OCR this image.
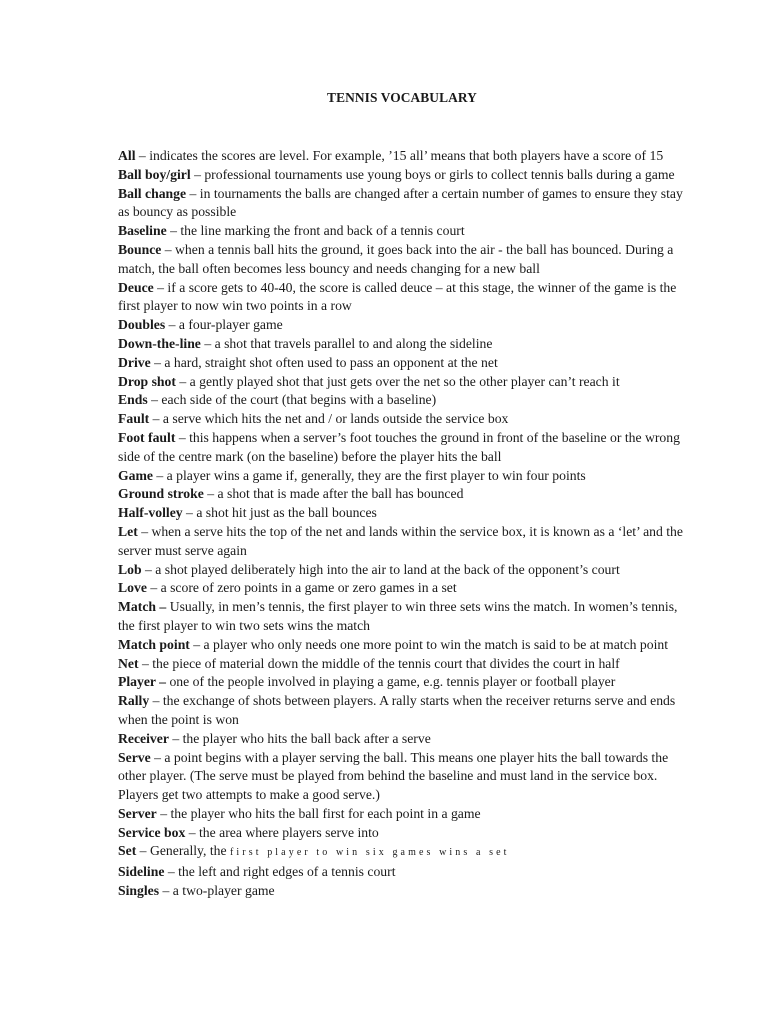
TENNIS VOCABULARY
All – indicates the scores are level. For example, ’15 all’ means that both players have a score of 15
Ball boy/girl – professional tournaments use young boys or girls to collect tennis balls during a game
Ball change – in tournaments the balls are changed after a certain number of games to ensure they stay as bouncy as possible
Baseline – the line marking the front and back of a tennis court
Bounce – when a tennis ball hits the ground, it goes back into the air - the ball has bounced. During a match, the ball often becomes less bouncy and needs changing for a new ball
Deuce – if a score gets to 40-40, the score is called deuce – at this stage, the winner of the game is the first player to now win two points in a row
Doubles – a four-player game
Down-the-line – a shot that travels parallel to and along the sideline
Drive – a hard, straight shot often used to pass an opponent at the net
Drop shot – a gently played shot that just gets over the net so the other player can’t reach it
Ends – each side of the court (that begins with a baseline)
Fault – a serve which hits the net and / or lands outside the service box
Foot fault – this happens when a server’s foot touches the ground in front of the baseline or the wrong side of the centre mark (on the baseline) before the player hits the ball
Game – a player wins a game if, generally, they are the first player to win four points
Ground stroke – a shot that is made after the ball has bounced
Half-volley – a shot hit just as the ball bounces
Let – when a serve hits the top of the net and lands within the service box, it is known as a ‘let’ and the server must serve again
Lob – a shot played deliberately high into the air to land at the back of the opponent’s court
Love – a score of zero points in a game or zero games in a set
Match – Usually, in men’s tennis, the first player to win three sets wins the match. In women’s tennis, the first player to win two sets wins the match
Match point – a player who only needs one more point to win the match is said to be at match point
Net – the piece of material down the middle of the tennis court that divides the court in half
Player – one of the people involved in playing a game, e.g. tennis player or football player
Rally – the exchange of shots between players. A rally starts when the receiver returns serve and ends when the point is won
Receiver – the player who hits the ball back after a serve
Serve – a point begins with a player serving the ball. This means one player hits the ball towards the other player. (The serve must be played from behind the baseline and must land in the service box. Players get two attempts to make a good serve.)
Server – the player who hits the ball first for each point in a game
Service box – the area where players serve into
Set – Generally, the first player to win six games wins a set
Sideline – the left and right edges of a tennis court
Singles – a two-player game
